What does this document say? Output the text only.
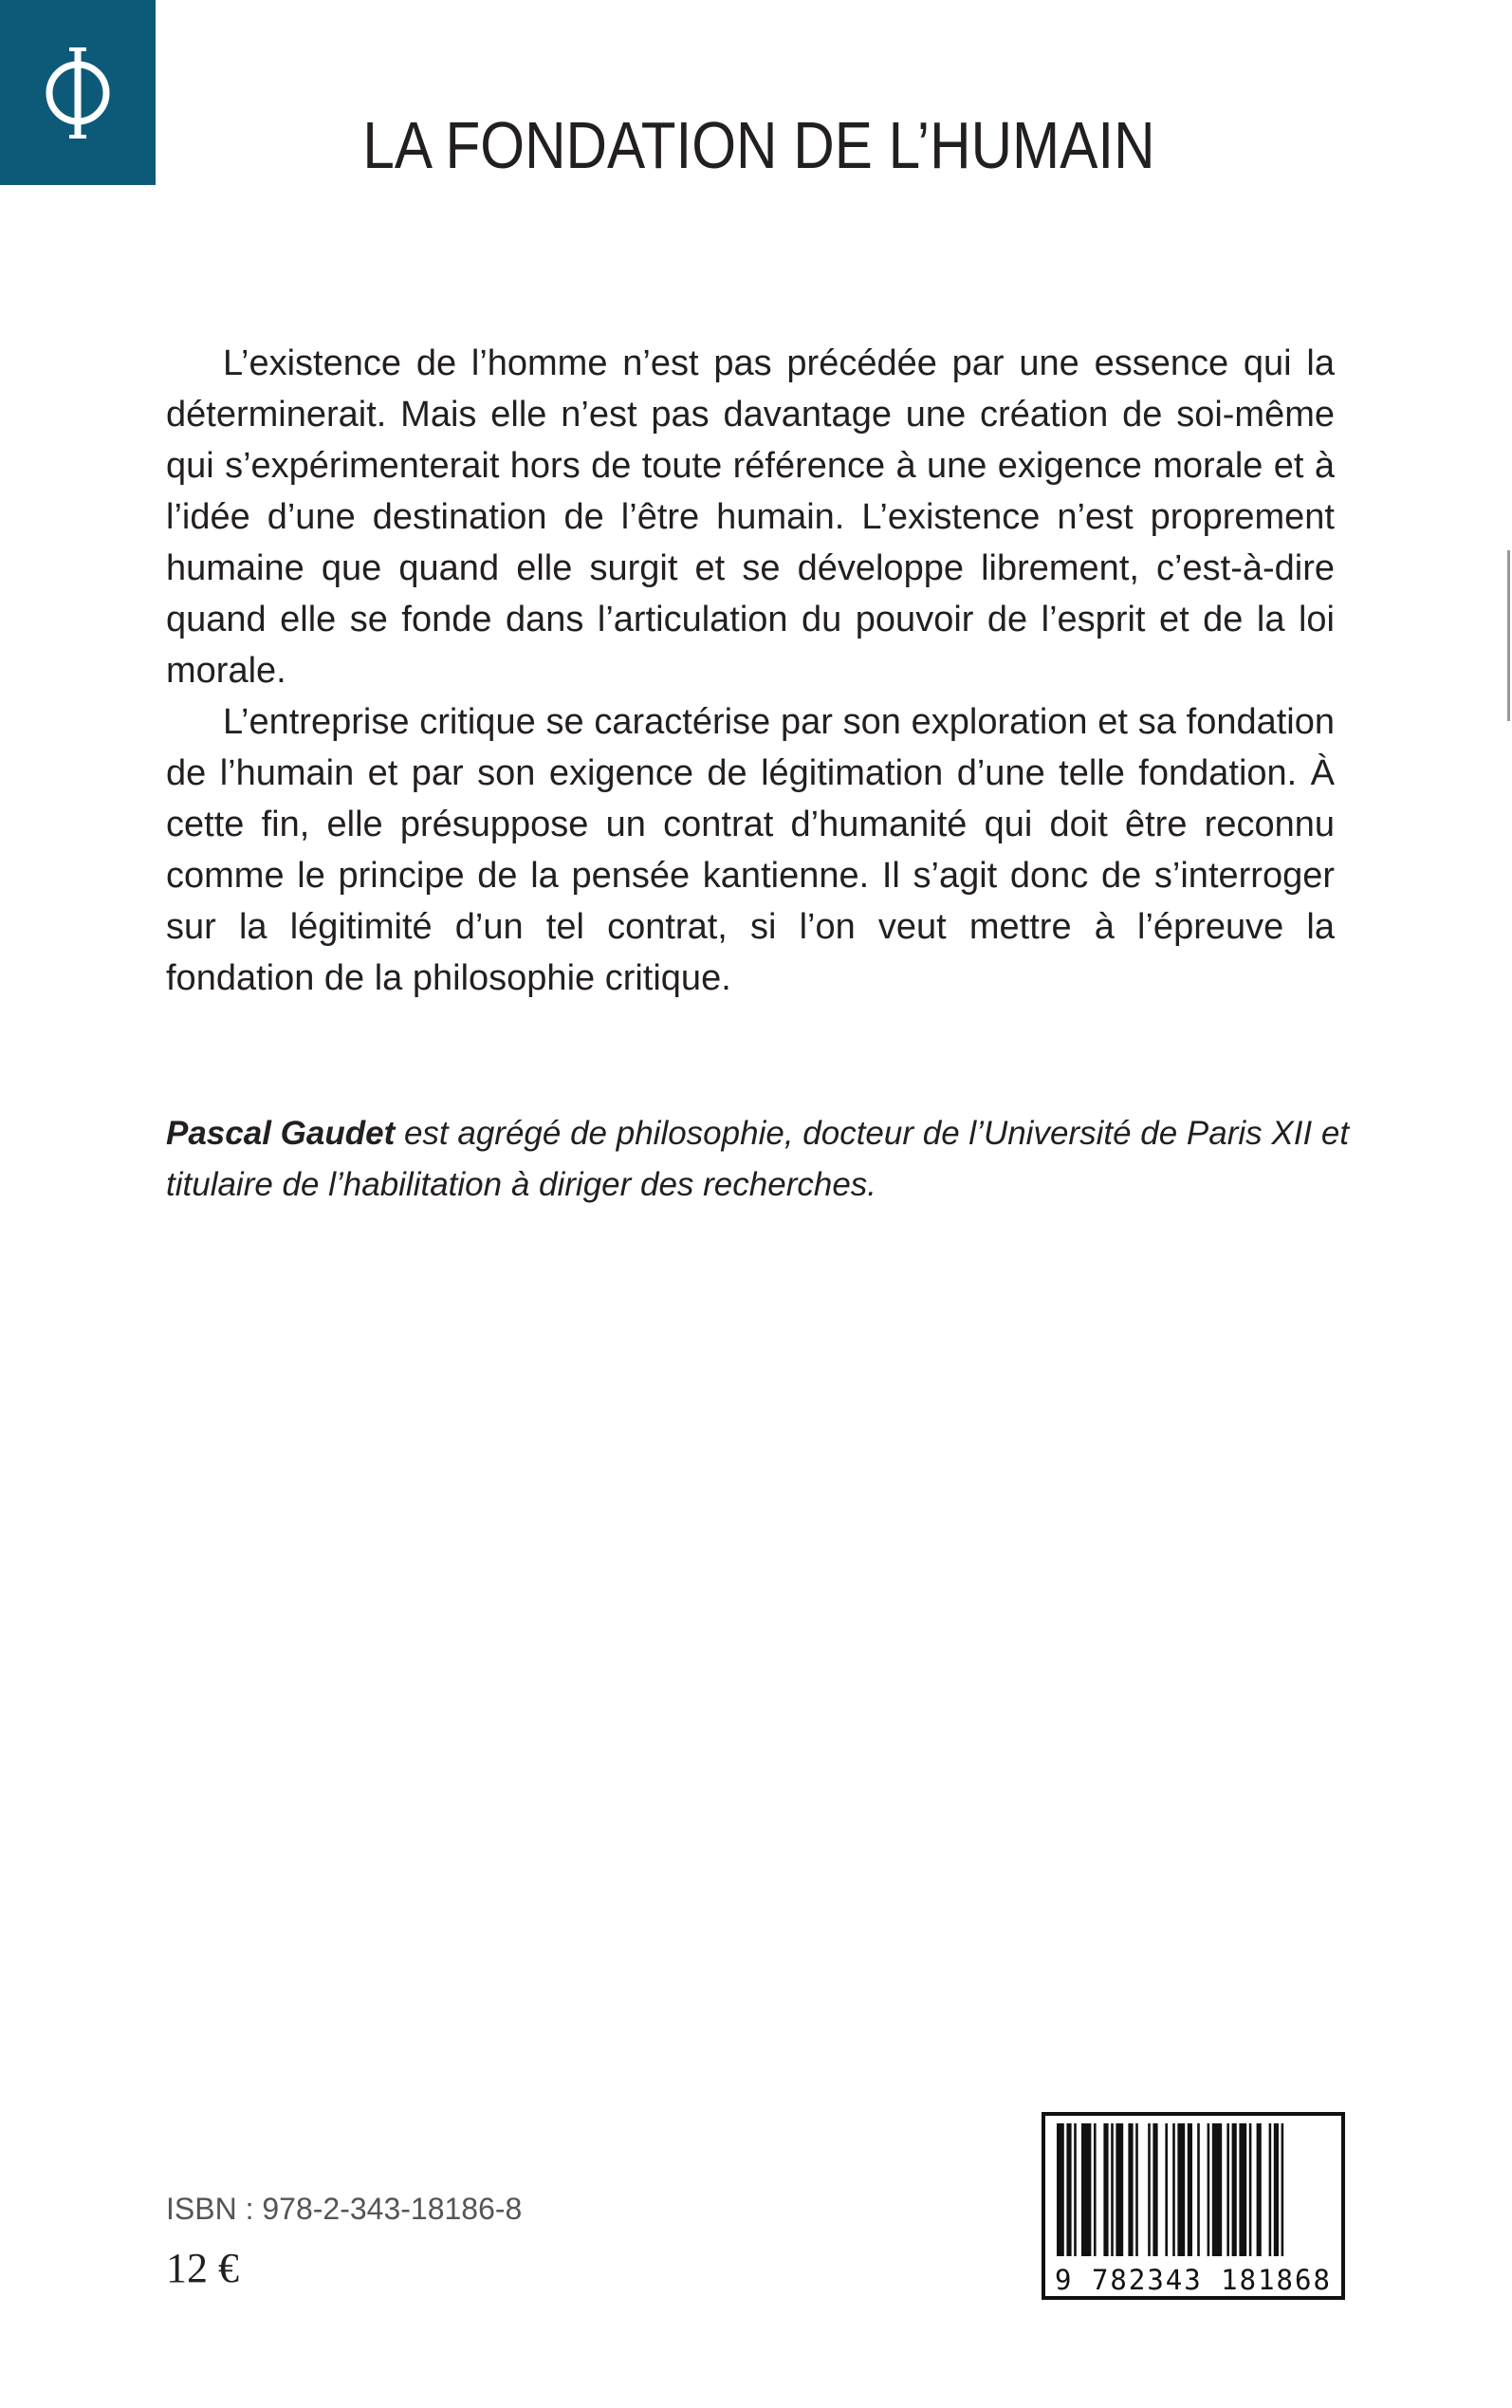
LA FONDATION DE L’HUMAIN

L’existence de l’homme n’est pas précédée par une essence qui la déterminerait. Mais elle n’est pas davantage une création de soi-même qui s’expérimenterait hors de toute référence à une exigence morale et à l’idée d’une destination de l’être humain. L’existence n’est proprement humaine que quand elle surgit et se développe librement, c’est-à-dire quand elle se fonde dans l’articulation du pouvoir de l’esprit et de la loi morale.

L’entreprise critique se caractérise par son exploration et sa fondation de l’humain et par son exigence de légitimation d’une telle fondation. À cette fin, elle présuppose un contrat d’humanité qui doit être reconnu comme le principe de la pensée kantienne. Il s’agit donc de s’interroger sur la légitimité d’un tel contrat, si l’on veut mettre à l’épreuve la fondation de la philosophie critique.

Pascal Gaudet est agrégé de philosophie, docteur de l’Université de Paris XII et titulaire de l’habilitation à diriger des recherches.
ISBN : 978-2-343-18186-8
12 €	9 782343 181868
